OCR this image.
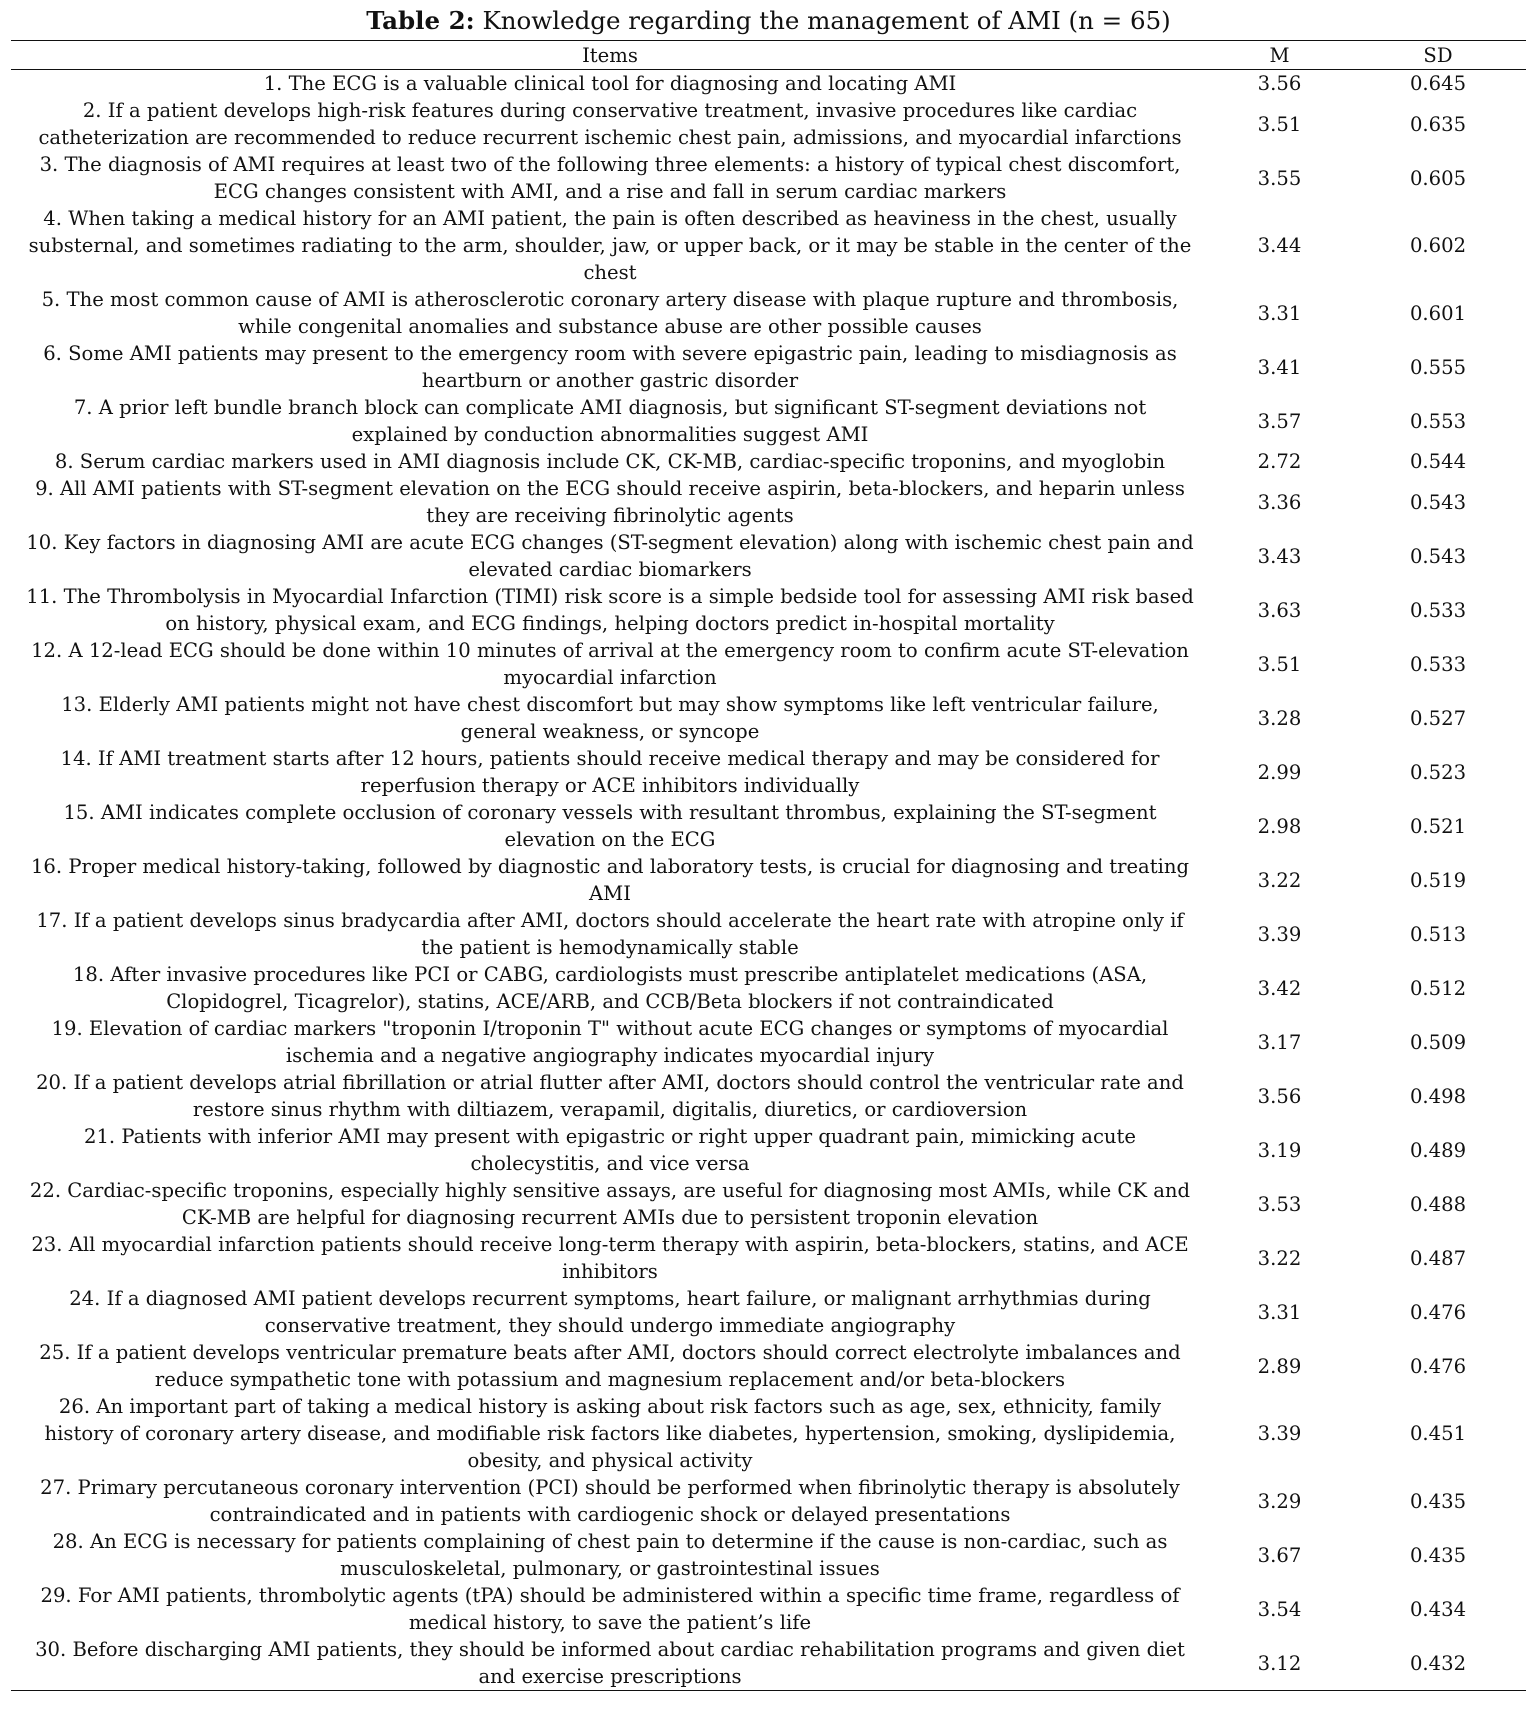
Table 2: Knowledge regarding the management of AMI (n = 65)
Items	M	SD
1. The ECG is a valuable clinical tool for diagnosing and locating AMI	3.56	0.645
2. If a patient develops high-risk features during conservative treatment, invasive procedures like cardiac catheterization are recommended to reduce recurrent ischemic chest pain, admissions, and myocardial infarctions	3.51	0.635
3. The diagnosis of AMI requires at least two of the following three elements: a history of typical chest discomfort, ECG changes consistent with AMI, and a rise and fall in serum cardiac markers	3.55	0.605
4. When taking a medical history for an AMI patient, the pain is often described as heaviness in the chest, usually substernal, and sometimes radiating to the arm, shoulder, jaw, or upper back, or it may be stable in the center of the chest	3.44	0.602
5. The most common cause of AMI is atherosclerotic coronary artery disease with plaque rupture and thrombosis, while congenital anomalies and substance abuse are other possible causes	3.31	0.601
6. Some AMI patients may present to the emergency room with severe epigastric pain, leading to misdiagnosis as heartburn or another gastric disorder	3.41	0.555
7. A prior left bundle branch block can complicate AMI diagnosis, but significant ST-segment deviations not explained by conduction abnormalities suggest AMI	3.57	0.553
8. Serum cardiac markers used in AMI diagnosis include CK, CK-MB, cardiac-specific troponins, and myoglobin	2.72	0.544
9. All AMI patients with ST-segment elevation on the ECG should receive aspirin, beta-blockers, and heparin unless they are receiving fibrinolytic agents	3.36	0.543
10. Key factors in diagnosing AMI are acute ECG changes (ST-segment elevation) along with ischemic chest pain and elevated cardiac biomarkers	3.43	0.543
11. The Thrombolysis in Myocardial Infarction (TIMI) risk score is a simple bedside tool for assessing AMI risk based on history, physical exam, and ECG findings, helping doctors predict in-hospital mortality	3.63	0.533
12. A 12-lead ECG should be done within 10 minutes of arrival at the emergency room to confirm acute ST-elevation myocardial infarction	3.51	0.533
13. Elderly AMI patients might not have chest discomfort but may show symptoms like left ventricular failure, general weakness, or syncope	3.28	0.527
14. If AMI treatment starts after 12 hours, patients should receive medical therapy and may be considered for reperfusion therapy or ACE inhibitors individually	2.99	0.523
15. AMI indicates complete occlusion of coronary vessels with resultant thrombus, explaining the ST-segment elevation on the ECG	2.98	0.521
16. Proper medical history-taking, followed by diagnostic and laboratory tests, is crucial for diagnosing and treating AMI	3.22	0.519
17. If a patient develops sinus bradycardia after AMI, doctors should accelerate the heart rate with atropine only if the patient is hemodynamically stable	3.39	0.513
18. After invasive procedures like PCI or CABG, cardiologists must prescribe antiplatelet medications (ASA, Clopidogrel, Ticagrelor), statins, ACE/ARB, and CCB/Beta blockers if not contraindicated	3.42	0.512
19. Elevation of cardiac markers "troponin I/troponin T" without acute ECG changes or symptoms of myocardial ischemia and a negative angiography indicates myocardial injury	3.17	0.509
20. If a patient develops atrial fibrillation or atrial flutter after AMI, doctors should control the ventricular rate and restore sinus rhythm with diltiazem, verapamil, digitalis, diuretics, or cardioversion	3.56	0.498
21. Patients with inferior AMI may present with epigastric or right upper quadrant pain, mimicking acute cholecystitis, and vice versa	3.19	0.489
22. Cardiac-specific troponins, especially highly sensitive assays, are useful for diagnosing most AMIs, while CK and CK-MB are helpful for diagnosing recurrent AMIs due to persistent troponin elevation	3.53	0.488
23. All myocardial infarction patients should receive long-term therapy with aspirin, beta-blockers, statins, and ACE inhibitors	3.22	0.487
24. If a diagnosed AMI patient develops recurrent symptoms, heart failure, or malignant arrhythmias during conservative treatment, they should undergo immediate angiography	3.31	0.476
25. If a patient develops ventricular premature beats after AMI, doctors should correct electrolyte imbalances and reduce sympathetic tone with potassium and magnesium replacement and/or beta-blockers	2.89	0.476
26. An important part of taking a medical history is asking about risk factors such as age, sex, ethnicity, family history of coronary artery disease, and modifiable risk factors like diabetes, hypertension, smoking, dyslipidemia, obesity, and physical activity	3.39	0.451
27. Primary percutaneous coronary intervention (PCI) should be performed when fibrinolytic therapy is absolutely contraindicated and in patients with cardiogenic shock or delayed presentations	3.29	0.435
28. An ECG is necessary for patients complaining of chest pain to determine if the cause is non-cardiac, such as musculoskeletal, pulmonary, or gastrointestinal issues	3.67	0.435
29. For AMI patients, thrombolytic agents (tPA) should be administered within a specific time frame, regardless of medical history, to save the patient’s life	3.54	0.434
30. Before discharging AMI patients, they should be informed about cardiac rehabilitation programs and given diet and exercise prescriptions	3.12	0.432
